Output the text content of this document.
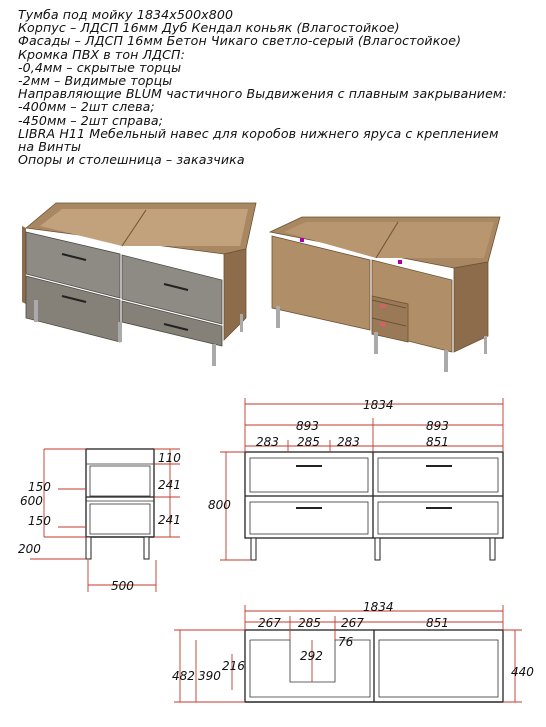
Тумба под мойку 1834х500х800
Корпус – ЛДСП 16мм Дуб Кендал коньяк (Влагостойкое)
Фасады – ЛДСП 16мм Бетон Чикаго светло-серый (Влагостойкое)
Кромка ПВХ в тон ЛДСП:
-0,4мм – скрытые торцы
-2мм – Видимые торцы
Направляющие BLUM частичного Выдвижения с плавным закрыванием:
-400мм – 2шт слева;
-450мм – 2шт справа;
LIBRA H11 Мебельный навес для коробов нижнего яруса с креплением
на Винты
Опоры и столешница – заказчика
110
241
241
600
150
150
200
500
1834
893	893
283 285 283	851
800
1834
267 285 267	851
292
76
482 390
216	440
